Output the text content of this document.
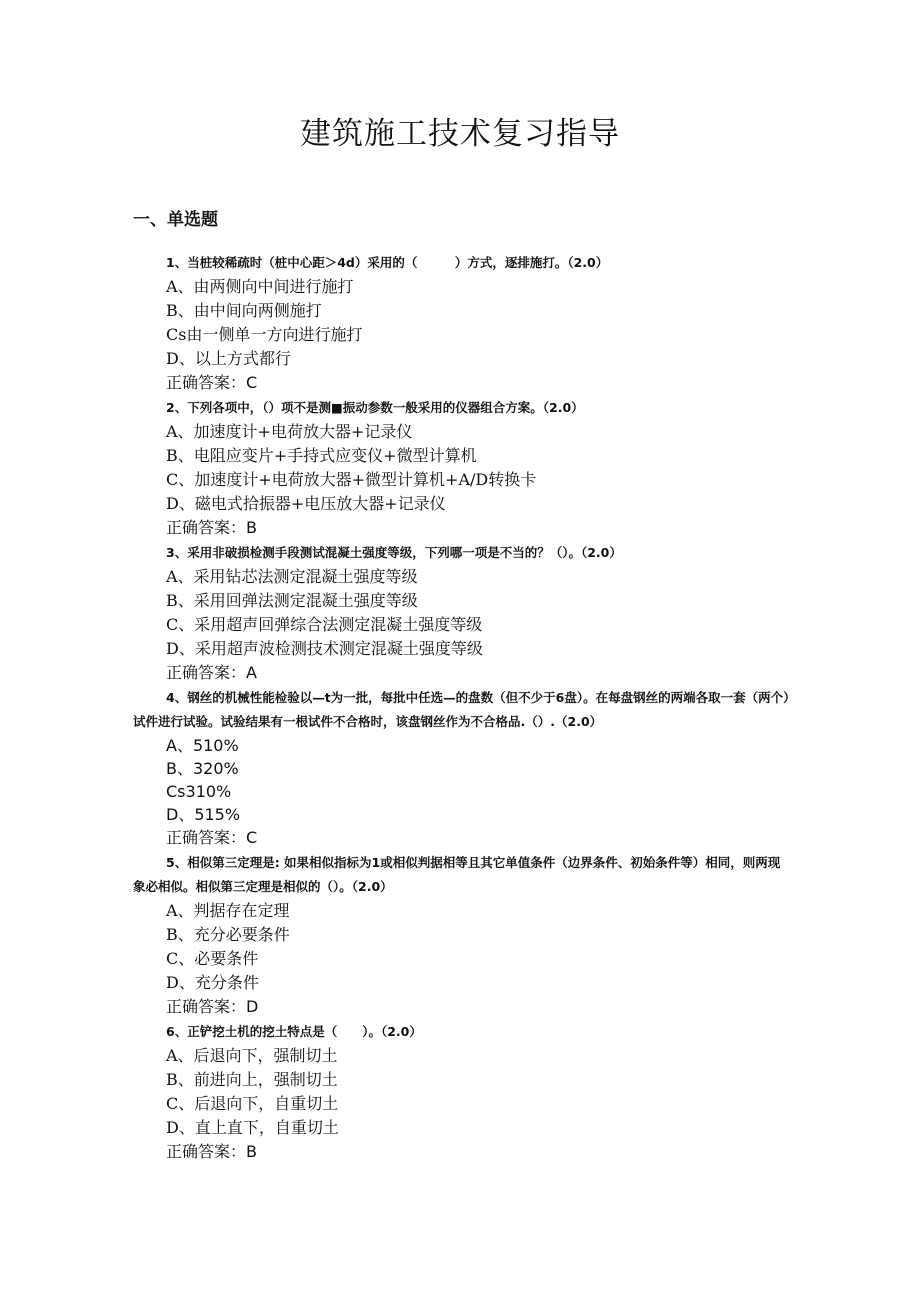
建筑施工技术复习指导
一、单选题
1、当桩较稀疏时（桩中心距＞4d）采用的（　　　）方式，逐排施打。（2.0）
A、由两侧向中间进行施打
B、由中间向两侧施打
Cs由一侧单一方向进行施打
D、以上方式都行
正确答案：C
2、下列各项中，（）项不是测■振动参数一般采用的仪器组合方案。（2.0）
A、加速度计+电荷放大器+记录仪
B、电阻应变片+手持式应变仪+微型计算机
C、加速度计+电荷放大器+微型计算机+A/D转换卡
D、磁电式拾振器+电压放大器+记录仪
正确答案：B
3、采用非破损检测手段测试混凝土强度等级，下列哪一项是不当的？（）。（2.0）
A、采用钻芯法测定混凝土强度等级
B、采用回弹法测定混凝土强度等级
C、采用超声回弹综合法测定混凝土强度等级
D、采用超声波检测技术测定混凝土强度等级
正确答案：A
4、钢丝的机械性能检验以—t为一批，每批中任选—的盘数（但不少于6盘）。在每盘钢丝的两端各取一套（两个）试件进行试验。试验结果有一根试件不合格时，该盘钢丝作为不合格品.（）.（2.0）
A、510%
B、320%
Cs310%
D、515%
正确答案：C
5、相似第三定理是: 如果相似指标为1或相似判据相等且其它单值条件（边界条件、初始条件等）相同，则两现象必相似。相似第三定理是相似的（）。（2.0）
A、判据存在定理
B、充分必要条件
C、必要条件
D、充分条件
正确答案：D
6、正铲挖土机的挖土特点是（　　）。（2.0）
A、后退向下，强制切土
B、前进向上，强制切土
C、后退向下，自重切土
D、直上直下，自重切土
正确答案：B
